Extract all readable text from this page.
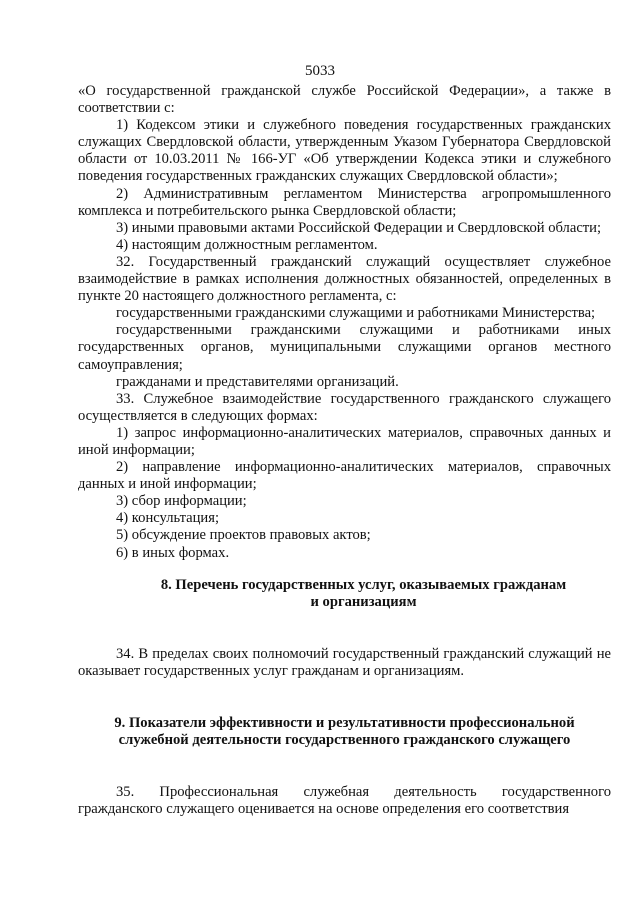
5033

«О государственной гражданской службе Российской Федерации», а также в соответствии с:

1) Кодексом этики и служебного поведения государственных гражданских служащих Свердловской области, утвержденным Указом Губернатора Свердловской области от 10.03.2011 № 166-УГ «Об утверждении Кодекса этики и служебного поведения государственных гражданских служащих Свердловской области»;

2) Административным регламентом Министерства агропромышленного комплекса и потребительского рынка Свердловской области;

3) иными правовыми актами Российской Федерации и Свердловской области;

4) настоящим должностным регламентом.

32. Государственный гражданский служащий осуществляет служебное взаимодействие в рамках исполнения должностных обязанностей, определенных в пункте 20 настоящего должностного регламента, с:

государственными гражданскими служащими и работниками Министерства;

государственными гражданскими служащими и работниками иных государственных органов, муниципальными служащими органов местного самоуправления;

гражданами и представителями организаций.

33. Служебное взаимодействие государственного гражданского служащего осуществляется в следующих формах:

1) запрос информационно-аналитических материалов, справочных данных и иной информации;

2) направление информационно-аналитических материалов, справочных данных и иной информации;

3) сбор информации;

4) консультация;

5) обсуждение проектов правовых актов;

6) в иных формах.

8. Перечень государственных услуг, оказываемых гражданам
и организациям

34. В пределах своих полномочий государственный гражданский служащий не оказывает государственных услуг гражданам и организациям.

9. Показатели эффективности и результативности профессиональной
служебной деятельности государственного гражданского служащего

35. Профессиональная служебная деятельность государственного гражданского служащего оценивается на основе определения его соответствия
